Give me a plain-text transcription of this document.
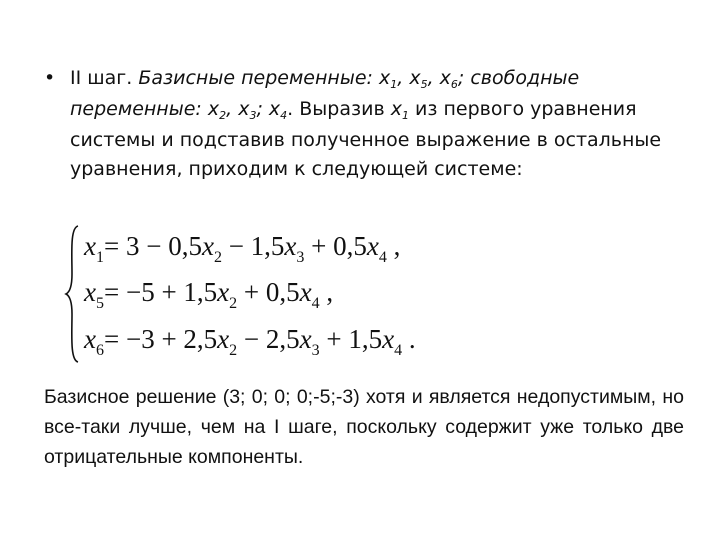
• II шаг. Базисные переменные: $x_1$, $x_5$, $x_6$; свободные переменные: $x_2$, $x_3$; $x_4$. Выразив $x_1$ из первого уравнения системы и подставив полученное выражение в остальные уравнения, приходим к следующей системе:
$x_1= 3 - 0,5x_2 - 1,5x_3 + 0,5x_4$ ,
$x_5= -5 + 1,5x_2 + 0,5x_4$ ,
$x_6= -3 + 2,5x_2 - 2,5x_3 + 1,5x_4$ .
Базисное решение (3; 0; 0; 0;-5;-3) хотя и является недопустимым, но все-таки лучше, чем на I шаге, поскольку содержит уже только две отрицательные компоненты.
